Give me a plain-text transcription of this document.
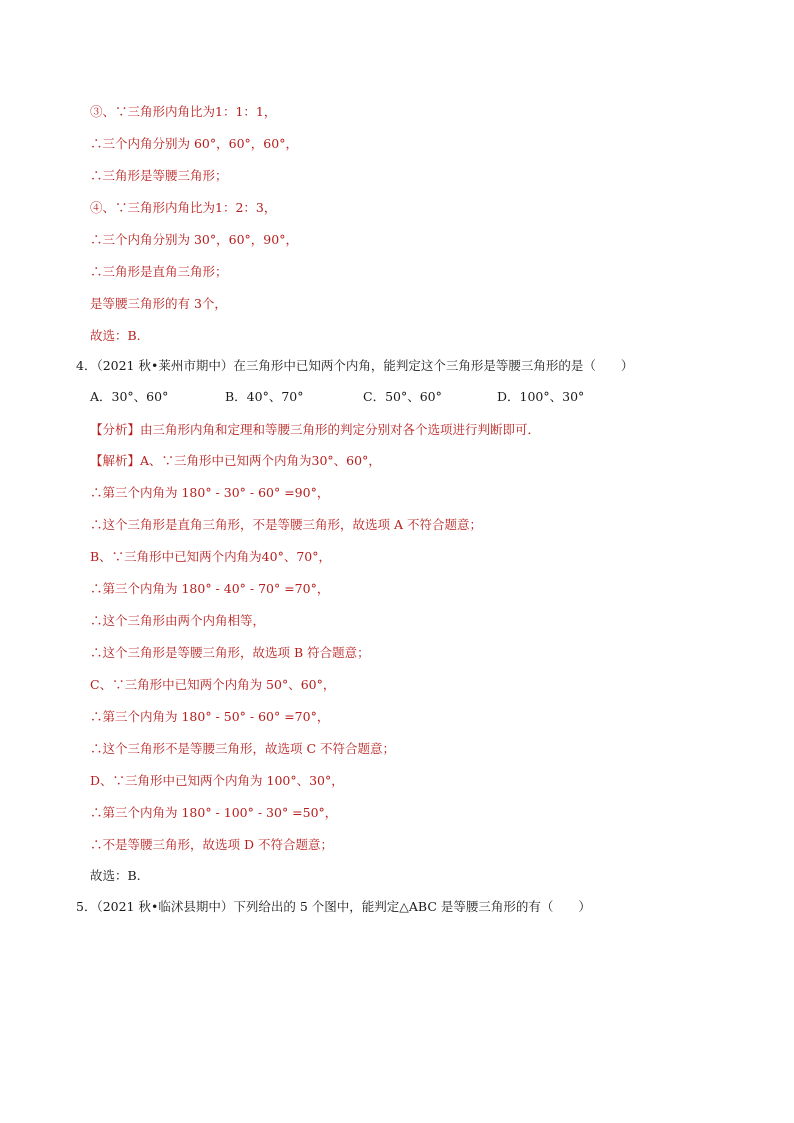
③、∵三角形内角比为1：1：1，
∴三个内角分别为 60°，60°，60°，
∴三角形是等腰三角形；
④、∵三角形内角比为1：2：3，
∴三个内角分别为 30°，60°，90°，
∴三角形是直角三角形；
是等腰三角形的有 3个，
故选：B.
4．（2021 秋•莱州市期中）在三角形中已知两个内角，能判定这个三角形是等腰三角形的是（　　）
A．30°、60°	B．40°、70°	C．50°、60°	D．100°、30°
【分析】由三角形内角和定理和等腰三角形的判定分别对各个选项进行判断即可．
【解析】A、∵三角形中已知两个内角为30°、60°，
∴第三个内角为 180° - 30° - 60° =90°，
∴这个三角形是直角三角形，不是等腰三角形，故选项 A 不符合题意；
B、∵三角形中已知两个内角为40°、70°，
∴第三个内角为 180° - 40° - 70° =70°，
∴这个三角形由两个内角相等，
∴这个三角形是等腰三角形，故选项 B 符合题意；
C、∵三角形中已知两个内角为 50°、60°，
∴第三个内角为 180° - 50° - 60° =70°，
∴这个三角形不是等腰三角形，故选项 C 不符合题意；
D、∵三角形中已知两个内角为 100°、30°，
∴第三个内角为 180° - 100° - 30° =50°，
∴不是等腰三角形，故选项 D 不符合题意；
故选：B.
5．（2021 秋•临沭县期中）下列给出的 5 个图中，能判定△ABC 是等腰三角形的有（　　）
